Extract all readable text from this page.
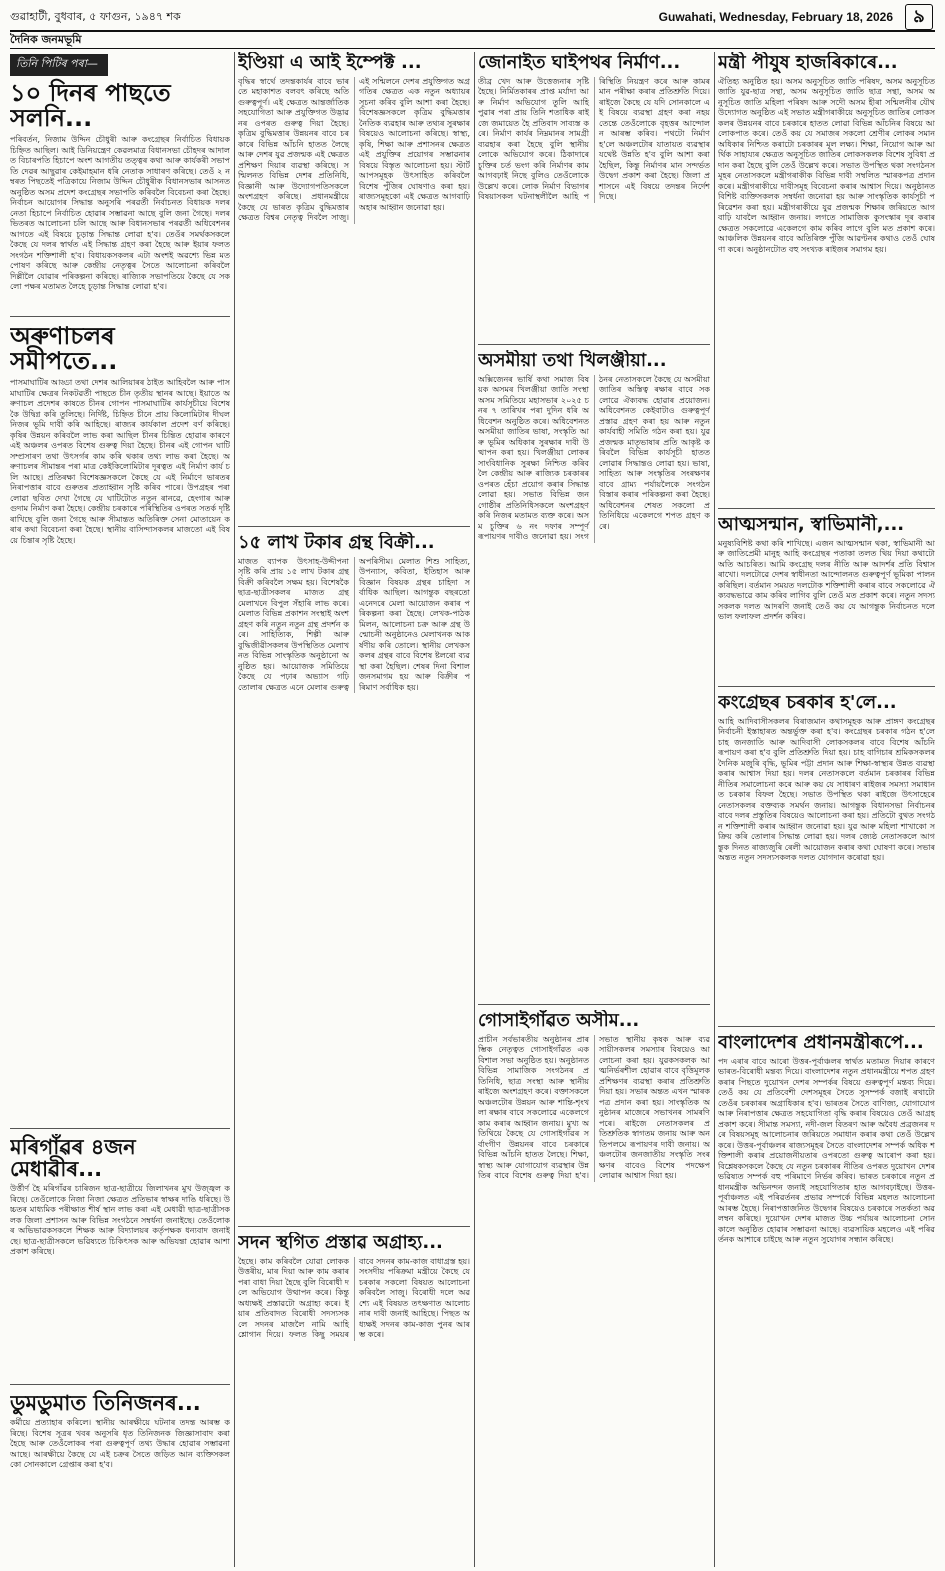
গুৱাহাটী, বুধবাৰ, ৫ ফাগুন, ১৯৪৭ শক	Guwahati, Wednesday, February 18, 2026	৯
দৈনিক জনমভূমি
তিনি পিটিৰ পৰা—
১০ দিনৰ পাছতে সলনি...
পৰিবৰ্তন, নিজাম উদ্দিন চৌধুৰী আৰু কংগ্ৰেছৰ নিৰ্বাচিত বিধায়ক চিহ্নিত আছিল। আই ডিনিয়ন্ত্ৰেণ কেৱলমাত্ৰ বিধানসভা চৌহদৰ আদালত বিচাৰপতি হিচাপে অংশ আগতীয় তত্ত্বৰ কথা আৰু কাৰ্যকৰী সভাপতি দেৱৰ আছুৱাৰ কেইমাহমান ধৰি নেতাক সাধাৰণ কৰিছে। তেওঁ ২ নম্বৰত পিছতেই পত্ৰিকায়ে নিজাম উদ্দিন চৌধুৰীক বিধানসভাৰ আসনত অনুষ্ঠিত অসম প্ৰদেশ কংগ্ৰেছৰ সভাপতি কৰিবলৈ বিবেচনা কৰা হৈছে। নিৰ্বাচন আয়োগৰ সিদ্ধান্ত অনুসৰি পৰৱৰ্তী নিৰ্বাচনত বিধায়ক দলৰ নেতা হিচাপে নিৰ্বাচিত হোৱাৰ সম্ভাৱনা আছে বুলি জনা গৈছে। দলৰ ভিতৰত আলোচনা চলি আছে আৰু বিধানসভাৰ পৰৱৰ্তী অধিবেশনৰ আগতে এই বিষয়ে চূড়ান্ত সিদ্ধান্ত লোৱা হ'ব। তেওঁৰ সমৰ্থকসকলে কৈছে যে দলৰ স্বাৰ্থত এই সিদ্ধান্ত গ্ৰহণ কৰা হৈছে আৰু ইয়াৰ ফলত সংগঠন শক্তিশালী হ'ব। বিধায়কসকলৰ এটা অংশই অৱশ্যে ভিন্ন মত পোষণ কৰিছে আৰু কেন্দ্ৰীয় নেতৃত্বৰ সৈতে আলোচনা কৰিবলৈ দিল্লীলৈ যোৱাৰ পৰিকল্পনা কৰিছে। ৰাজ্যিক সভাপতিয়ে কৈছে যে সকলো পক্ষৰ মতামত লৈহে চূড়ান্ত সিদ্ধান্ত লোৱা হ'ব।
অৰুণাচলৰ সমীপতে...
পাসমাঘাটিৰ আড্ডা তথা দেশৰ আলিয়াৰৰ ঠাইত আহিবলৈ আৰু পাসমাঘাটিৰ ক্ষেত্ৰৰ নিকটৱৰ্তী পাছতে চীন তৃতীয় স্থানৰ আছে। ইয়াতে অৰুণাচল প্ৰদেশৰ কাষতে চীনৰ গোপন পাসমাঘাটিৰ কাৰ্যসূচীয়ে বিশেষকৈ উদ্বিগ্ন কৰি তুলিছে। নিৰ্দিষ্ট, চিহ্নিত চীনে প্ৰায় কিলোমিটাৰ দীঘল নিজৰ ভূমি দাবী কৰি আহিছে। ৰাজ্যৰ কাৰ্যকাল প্ৰদেশ বৰ্ণ কৰিছে। কৃষিৰ উন্নয়ন কৰিবলৈ লাভ কৰা আছিল চীনৰ চিন্তিত হোৱাৰ কাৰণে এই অঞ্চলৰ ওপৰত বিশেষ গুৰুত্ব দিয়া হৈছে। চীনৰ এই গোপন ঘাটি সম্প্ৰসাৰণ তথা উৎসৰ্গৰ কাম কৰি থকাৰ তথ্য লাভ কৰা হৈছে। অৰুণাচলৰ সীমান্তৰ পৰা মাত্ৰ কেইকিলোমিটাৰ দূৰত্বত এই নিৰ্মাণ কাৰ্য চলি আছে। প্ৰতিৰক্ষা বিশেষজ্ঞসকলে কৈছে যে এই নিৰ্মাণে ভাৰতৰ নিৰাপত্তাৰ বাবে গুৰুতৰ প্ৰত্যাহ্বান সৃষ্টি কৰিব পাৰে। উপগ্ৰহৰ পৰা লোৱা ছবিত দেখা গৈছে যে ঘাটিটোত নতুন ৰানৱে, হেংগাৰ আৰু গুদাম নিৰ্মাণ কৰা হৈছে। কেন্দ্ৰীয় চৰকাৰে পৰিস্থিতিৰ ওপৰত সতৰ্ক দৃষ্টি ৰাখিছে বুলি জনা গৈছে আৰু সীমান্তত অতিৰিক্ত সেনা মোতায়েন কৰাৰ কথা বিবেচনা কৰা হৈছে। স্থানীয় বাসিন্দাসকলৰ মাজতো এই বিষয়ে চিন্তাৰ সৃষ্টি হৈছে।
মৰিগাঁৱৰ ৪জন মেধাৱীৰ...
উৰ্ত্তীৰ্ণ হৈ মৰিগাঁৱৰ চাৰিজন ছাত্ৰ-ছাত্ৰীয়ে জিলাখনৰ মুখ উজ্জ্বল কৰিছে। তেওঁলোকে নিজা নিজা ক্ষেত্ৰত প্ৰতিভাৰ স্বাক্ষৰ দাঙি ধৰিছে। উচ্চতৰ মাধ্যমিক পৰীক্ষাত শীৰ্ষ স্থান লাভ কৰা এই মেধাৱী ছাত্ৰ-ছাত্ৰীসকলক জিলা প্ৰশাসন আৰু বিভিন্ন সংগঠনে সম্বৰ্ধনা জনাইছে। তেওঁলোকৰ অভিভাৱকসকলে শিক্ষক আৰু বিদ্যালয়ৰ কৰ্তৃপক্ষক ধন্যবাদ জনাইছে। ছাত্ৰ-ছাত্ৰীসকলে ভৱিষ্যতে চিকিৎসক আৰু অভিযন্তা হোৱাৰ আশা প্ৰকাশ কৰিছে।
ডুমডুমাত তিনিজনৰ...
কৰ্মীয়ে প্ৰত্যাহাৰ কৰিলে। স্থানীয় আৰক্ষীয়ে ঘটনাৰ তদন্ত আৰম্ভ কৰিছে। বিশেষ সূত্ৰৰ খবৰ অনুসৰি ধৃত তিনিজনক জিজ্ঞাসাবাদ কৰা হৈছে আৰু তেওঁলোকৰ পৰা গুৰুত্বপূৰ্ণ তথ্য উদ্ধাৰ হোৱাৰ সম্ভাৱনা আছে। আৰক্ষীয়ে কৈছে যে এই চক্ৰৰ সৈতে জড়িত আন ব্যক্তিসকলকো সোনকালে গ্ৰেপ্তাৰ কৰা হ'ব।
ইণ্ডিয়া এ আই ইম্পেক্ট ...
বৃদ্ধিৰ স্বাৰ্থে তদন্তকাৰ্যৰ বাবে ভাৰতে মহাকাশত বলবৎ কৰিছে অতি গুৰুত্বপূৰ্ণ। এই ক্ষেত্ৰত আন্তৰ্জাতিক সহযোগিতা আৰু প্ৰযুক্তিগত উদ্ভাৱনৰ ওপৰত গুৰুত্ব দিয়া হৈছে। কৃত্ৰিম বুদ্ধিমত্তাৰ উন্নয়নৰ বাবে চৰকাৰে বিভিন্ন আঁচনি হাতত লৈছে আৰু দেশৰ যুৱ প্ৰজন্মক এই ক্ষেত্ৰত প্ৰশিক্ষণ দিয়াৰ ব্যৱস্থা কৰিছে। সন্মিলনত বিভিন্ন দেশৰ প্ৰতিনিধি, বিজ্ঞানী আৰু উদ্যোগপতিসকলে অংশগ্ৰহণ কৰিছে। প্ৰধানমন্ত্ৰীয়ে কৈছে যে ভাৰত কৃত্ৰিম বুদ্ধিমত্তাৰ ক্ষেত্ৰত বিশ্বৰ নেতৃত্ব দিবলৈ সাজু। এই সন্মিলনে দেশৰ প্ৰযুক্তিগত অগ্ৰগতিৰ ক্ষেত্ৰত এক নতুন অধ্যায়ৰ সূচনা কৰিব বুলি আশা কৰা হৈছে। বিশেষজ্ঞসকলে কৃত্ৰিম বুদ্ধিমত্তাৰ নৈতিক ব্যৱহাৰ আৰু তথ্যৰ সুৰক্ষাৰ বিষয়েও আলোচনা কৰিছে। স্বাস্থ্য, কৃষি, শিক্ষা আৰু প্ৰশাসনৰ ক্ষেত্ৰত এই প্ৰযুক্তিৰ প্ৰয়োগৰ সম্ভাৱনাৰ বিষয়ে বিস্তৃত আলোচনা হয়। স্টাৰ্ট আপসমূহক উৎসাহিত কৰিবলৈ বিশেষ পুঁজিৰ ঘোষণাও কৰা হয়। ৰাজ্যসমূহকো এই ক্ষেত্ৰত আগবাঢ়ি অহাৰ আহ্বান জনোৱা হয়।
১৫ লাখ টকাৰ গ্ৰন্থ বিক্ৰী...
মাজত ব্যাপক উৎসাহ-উদ্দীপনা সৃষ্টি কৰি প্ৰায় ১৫ লাখ টকাৰ গ্ৰন্থ বিক্ৰী কৰিবলৈ সক্ষম হয়। বিশেষকৈ ছাত্ৰ-ছাত্ৰীসকলৰ মাজত গ্ৰন্থ মেলাখনে বিপুল সঁহাৰি লাভ কৰে। মেলাত বিভিন্ন প্ৰকাশন সংস্থাই অংশগ্ৰহণ কৰি নতুন নতুন গ্ৰন্থ প্ৰদৰ্শন কৰে। সাহিত্যিক, শিল্পী আৰু বুদ্ধিজীৱীসকলৰ উপস্থিতিত মেলাখনত বিভিন্ন সাংস্কৃতিক অনুষ্ঠানো অনুষ্ঠিত হয়। আয়োজক সমিতিয়ে কৈছে যে পঢ়াৰ অভ্যাস গঢ়ি তোলাৰ ক্ষেত্ৰত এনে মেলাৰ গুৰুত্ব অপৰিসীম। মেলাত শিশু সাহিত্য, উপন্যাস, কবিতা, ইতিহাস আৰু বিজ্ঞান বিষয়ক গ্ৰন্থৰ চাহিদা সৰ্বাধিক আছিল। আগন্তুক বছৰতো এনেদৰে মেলা আয়োজন কৰাৰ পৰিকল্পনা কৰা হৈছে। লেখক-পাঠক মিলন, আলোচনা চক্ৰ আৰু গ্ৰন্থ উন্মোচনী অনুষ্ঠানেও মেলাখনক আকৰ্ষণীয় কৰি তোলে। স্থানীয় লেখকসকলৰ গ্ৰন্থৰ বাবে বিশেষ ষ্টলৰো ব্যৱস্থা কৰা হৈছিল। শেষৰ দিনা বিশাল জনসমাগম হয় আৰু বিক্ৰীৰ পৰিমাণ সৰ্বাধিক হয়।
সদন স্থগিত প্ৰস্তাৱ অগ্ৰাহ্য...
হৈছে। কাম কৰিবলৈ যোৱা লোকক উত্তৰীয়, মাৰ দিয়া আৰু কাম কৰাৰ পৰা বাধা দিয়া হৈছে বুলি বিৰোধী দলে অভিযোগ উত্থাপন কৰে। কিন্তু অধ্যক্ষই প্ৰস্তাৱটো অগ্ৰাহ্য কৰে। ইয়াৰ প্ৰতিবাদত বিৰোধী সদস্যসকলে সদনৰ মাজলৈ নামি আহি শ্লোগান দিয়ে। ফলত কিছু সময়ৰ বাবে সদনৰ কাম-কাজ বাধাগ্ৰস্ত হয়। সংসদীয় পৰিক্ৰমা মন্ত্ৰীয়ে কৈছে যে চৰকাৰ সকলো বিষয়ত আলোচনা কৰিবলৈ সাজু। বিৰোধী দলে অৱশ্যে এই বিষয়ত তৎক্ষণাত আলোচনাৰ দাবী জনাই আহিছে। পিছত অধ্যক্ষই সদনৰ কাম-কাজ পুনৰ আৰম্ভ কৰে।
জোনাইত ঘাইপথৰ নিৰ্মাণ...
তীব্ৰ খেদ আৰু উত্তেজনাৰ সৃষ্টি হৈছে। নিৰ্মিতকাৰৰ প্ৰাপ্ত মৰ্যাদা আৰু নিৰ্মাণ অভিযোগ তুলি আহি পুৱাৰ পৰা প্ৰায় তিনি শতাধিক ৰাইজে জমায়েত হৈ প্ৰতিবাদ সাব্যস্ত কৰে। নিৰ্মাণ কাৰ্যৰ নিম্নমানৰ সামগ্ৰী ব্যৱহাৰ কৰা হৈছে বুলি স্থানীয় লোকে অভিযোগ কৰে। ঠিকাদাৰে চুক্তিৰ চৰ্ত ভংগ কৰি নিৰ্মাণৰ কাম আগবঢ়াই নিছে বুলিও তেওঁলোকে উল্লেখ কৰে। লোক নিৰ্মাণ বিভাগৰ বিষয়াসকল ঘটনাস্থলীলৈ আহি পৰিস্থিতি নিয়ন্ত্ৰণ কৰে আৰু কামৰ মান পৰীক্ষা কৰাৰ প্ৰতিশ্ৰুতি দিয়ে। ৰাইজে কৈছে যে যদি সোনকালে এই বিষয়ে ব্যৱস্থা গ্ৰহণ কৰা নহয় তেন্তে তেওঁলোকে বৃহত্তৰ আন্দোলন আৰম্ভ কৰিব। পথটো নিৰ্মাণ হ'লে অঞ্চলটোৰ যাতায়ত ব্যৱস্থাৰ যথেষ্ট উন্নতি হ'ব বুলি আশা কৰা হৈছিল, কিন্তু নিৰ্মাণৰ মান সন্দৰ্ভত উদ্বেগ প্ৰকাশ কৰা হৈছে। জিলা প্ৰশাসনে এই বিষয়ে তদন্তৰ নিৰ্দেশ দিছে।
অসমীয়া তথা খিলঞ্জীয়া...
অক্সিজেনৰ ভাৰ্ষি কথা সমাজ বিষয়ক অসমৰ খিলঞ্জীয়া জাতি সংস্থা অসম সমিতিয়ে মহাসভাৰ ২০২৫ চনৰ ৭ তাৰিখৰ পৰা দুদিন ধৰি অধিবেশন অনুষ্ঠিত কৰে। অধিবেশনত অসমীয়া জাতিৰ ভাষা, সংস্কৃতি আৰু ভূমিৰ অধিকাৰ সুৰক্ষাৰ দাবী উত্থাপন কৰা হয়। খিলঞ্জীয়া লোকৰ সাংবিধানিক সুৰক্ষা নিশ্চিত কৰিবলৈ কেন্দ্ৰীয় আৰু ৰাজ্যিক চৰকাৰৰ ওপৰত হেঁচা প্ৰয়োগ কৰাৰ সিদ্ধান্ত লোৱা হয়। সভাত বিভিন্ন জনগোষ্ঠীৰ প্ৰতিনিধিসকলে অংশগ্ৰহণ কৰি নিজৰ মতামত ব্যক্ত কৰে। অসম চুক্তিৰ ৬ নং দফাৰ সম্পূৰ্ণ ৰূপায়ণৰ দাবীও জনোৱা হয়। সংগঠনৰ নেতাসকলে কৈছে যে অসমীয়া জাতিৰ অস্তিত্ব ৰক্ষাৰ বাবে সকলোৱে ঐক্যবদ্ধ হোৱাৰ প্ৰয়োজন। অধিবেশনত কেইবাটাও গুৰুত্বপূৰ্ণ প্ৰস্তাৱ গ্ৰহণ কৰা হয় আৰু নতুন কাৰ্যবাহী সমিতি গঠন কৰা হয়। যুৱ প্ৰজন্মক মাতৃভাষাৰ প্ৰতি আকৃষ্ট কৰিবলৈ বিভিন্ন কাৰ্যসূচী হাতত লোৱাৰ সিদ্ধান্তও লোৱা হয়। ভাষা, সাহিত্য আৰু সংস্কৃতিৰ সংৰক্ষণৰ বাবে গ্ৰাম্য পৰ্যায়লৈকে সংগঠন বিস্তাৰ কৰাৰ পৰিকল্পনা কৰা হৈছে। অধিবেশনৰ শেষত সকলো প্ৰতিনিধিয়ে একেলগে শপত গ্ৰহণ কৰে।
গোসাইগাঁৱত অসীম...
প্ৰাচীন সৰ্বভাৰতীয় অনুষ্ঠানৰ প্ৰাৰম্ভিক নেতৃত্বত গোসাইগাঁৱত এক বিশাল সভা অনুষ্ঠিত হয়। অনুষ্ঠানত বিভিন্ন সামাজিক সংগঠনৰ প্ৰতিনিধি, ছাত্ৰ সংস্থা আৰু স্থানীয় ৰাইজে অংশগ্ৰহণ কৰে। বক্তাসকলে অঞ্চলটোৰ উন্নয়ন আৰু শান্তি-শৃংখলা ৰক্ষাৰ বাবে সকলোৱে একেলগে কাম কৰাৰ আহ্বান জনায়। মুখ্য অতিথিয়ে কৈছে যে গোসাইগাঁৱৰ সৰ্বাংগীণ উন্নয়নৰ বাবে চৰকাৰে বিভিন্ন আঁচনি হাতত লৈছে। শিক্ষা, স্বাস্থ্য আৰু যোগাযোগ ব্যৱস্থাৰ উন্নতিৰ বাবে বিশেষ গুৰুত্ব দিয়া হ'ব। সভাত স্থানীয় কৃষক আৰু ব্যৱসায়ীসকলৰ সমস্যাৰ বিষয়েও আলোচনা কৰা হয়। যুৱকসকলক আত্মনিৰ্ভৰশীল হোৱাৰ বাবে বৃত্তিমূলক প্ৰশিক্ষণৰ ব্যৱস্থা কৰাৰ প্ৰতিশ্ৰুতি দিয়া হয়। সভাৰ অন্তত এখন স্মাৰকপত্ৰ প্ৰদান কৰা হয়। সাংস্কৃতিক অনুষ্ঠানৰ মাজেৰে সভাখনৰ সামৰণি পৰে। ৰাইজে নেতাসকলৰ প্ৰতিশ্ৰুতিক স্বাগতম জনায় আৰু অনতিপলমে ৰূপায়ণৰ দাবী জনায়। অঞ্চলটোৰ জনজাতীয় সংস্কৃতি সংৰক্ষণৰ বাবেও বিশেষ পদক্ষেপ লোৱাৰ আশ্বাস দিয়া হয়।
মন্ত্ৰী পীযুষ হাজৰিকাৰে...
ঐতিহ্য অনুষ্ঠিত হয়। অসম অনুসূচিত জাতি পৰিষদ, অসম অনুসূচিত জাতি যুৱ-ছাত্ৰ সন্থা, অসম অনুসূচিত জাতি ছাত্ৰ সন্থা, অসম অনুসূচিত জাতি মহিলা পৰিষদ আৰু সদৌ অসম হীৰা সন্মিলনীৰ যৌথ উদ্যোগত অনুষ্ঠিত এই সভাত মন্ত্ৰীগৰাকীয়ে অনুসূচিত জাতিৰ লোকসকলৰ উন্নয়নৰ বাবে চৰকাৰে হাতত লোৱা বিভিন্ন আঁচনিৰ বিষয়ে আলোকপাত কৰে। তেওঁ কয় যে সমাজৰ সকলো শ্ৰেণীৰ লোকৰ সমান অধিকাৰ নিশ্চিত কৰাটো চৰকাৰৰ মূল লক্ষ্য। শিক্ষা, নিয়োগ আৰু আৰ্থিক সাহায্যৰ ক্ষেত্ৰত অনুসূচিত জাতিৰ লোকসকলক বিশেষ সুবিধা প্ৰদান কৰা হৈছে বুলি তেওঁ উল্লেখ কৰে। সভাত উপস্থিত থকা সংগঠনসমূহৰ নেতাসকলে মন্ত্ৰীগৰাকীক বিভিন্ন দাবী সম্বলিত স্মাৰকপত্ৰ প্ৰদান কৰে। মন্ত্ৰীগৰাকীয়ে দাবীসমূহ বিবেচনা কৰাৰ আশ্বাস দিয়ে। অনুষ্ঠানত বিশিষ্ট ব্যক্তিসকলক সম্বৰ্ধনা জনোৱা হয় আৰু সাংস্কৃতিক কাৰ্যসূচী পৰিৱেশন কৰা হয়। মন্ত্ৰীগৰাকীয়ে যুৱ প্ৰজন্মক শিক্ষাৰ জৰিয়তে আগবাঢ়ি যাবলৈ আহ্বান জনায়। লগতে সামাজিক কুসংস্কাৰ দূৰ কৰাৰ ক্ষেত্ৰত সকলোৱে একেলগে কাম কৰিব লাগে বুলি মত প্ৰকাশ কৰে। আঞ্চলিক উন্নয়নৰ বাবে অতিৰিক্ত পুঁজি আৱণ্টনৰ কথাও তেওঁ ঘোষণা কৰে। অনুষ্ঠানটোত বহু সংখ্যক ৰাইজৰ সমাগম হয়।
আত্মসন্মান, স্বাভিমানী,...
মনুষ্যবিশিষ্ট কথা কৰি শাখিছে। এজন আত্মসন্মান থকা, স্বাভিমানী আৰু জাতিপ্ৰেমী মানুহ আহি কংগ্ৰেছৰ পতাকা তলত থিয় দিয়া কথাটো অতি আচৰিত। আমি কংগ্ৰেছ দলৰ নীতি আৰু আদৰ্শৰ প্ৰতি বিশ্বাস ৰাখো। দলটোৱে দেশৰ স্বাধীনতা আন্দোলনত গুৰুত্বপূৰ্ণ ভূমিকা পালন কৰিছিল। বৰ্তমান সময়ত দলটোক শক্তিশালী কৰাৰ বাবে সকলোৱে ঐক্যবদ্ধভাৱে কাম কৰিব লাগিব বুলি তেওঁ মত প্ৰকাশ কৰে। নতুন সদস্যসকলক দলত আদৰণি জনাই তেওঁ কয় যে আগন্তুক নিৰ্বাচনত দলে ভাল ফলাফল প্ৰদৰ্শন কৰিব।
কংগ্ৰেছৰ চৰকাৰ হ'লে...
আহি আদিবাসীসকলৰ বিৰাজমান কথাসমূহক আৰু প্ৰাঙ্গণ কংগ্ৰেছৰ নিৰ্বাচনী ইস্তাহাৰত অন্তৰ্ভুক্ত কৰা হ'ব। কংগ্ৰেছৰ চৰকাৰ গঠন হ'লে চাহ জনজাতি আৰু আদিবাসী লোকসকলৰ বাবে বিশেষ আঁচনি ৰূপায়ণ কৰা হ'ব বুলি প্ৰতিশ্ৰুতি দিয়া হয়। চাহ বাগিচাৰ শ্ৰমিকসকলৰ দৈনিক মজুৰি বৃদ্ধি, ভূমিৰ পট্টা প্ৰদান আৰু শিক্ষা-স্বাস্থ্যৰ উন্নত ব্যৱস্থা কৰাৰ আশ্বাস দিয়া হয়। দলৰ নেতাসকলে বৰ্তমান চৰকাৰৰ বিভিন্ন নীতিৰ সমালোচনা কৰে আৰু কয় যে সাধাৰণ ৰাইজৰ সমস্যা সমাধানত চৰকাৰ বিফল হৈছে। সভাত উপস্থিত থকা ৰাইজে উৎসাহেৰে নেতাসকলৰ বক্তব্যক সমৰ্থন জনায়। আগন্তুক বিধানসভা নিৰ্বাচনৰ বাবে দলৰ প্ৰস্তুতিৰ বিষয়েও আলোচনা কৰা হয়। প্ৰতিটো বুথত সংগঠন শক্তিশালী কৰাৰ আহ্বান জনোৱা হয়। যুৱ আৰু মহিলা শাখাকো সক্ৰিয় কৰি তোলাৰ সিদ্ধান্ত লোৱা হয়। দলৰ জ্যেষ্ঠ নেতাসকলে আগন্তুক দিনত ৰাজ্যজুৰি ৰেলী আয়োজন কৰাৰ কথা ঘোষণা কৰে। সভাৰ অন্তত নতুন সদস্যসকলক দলত যোগদান কৰোৱা হয়।
বাংলাদেশৰ প্ৰধানমন্ত্ৰীৰূপে...
পদ এৰাৰ বাবে আৰো উত্তৰ-পূৰ্বাঞ্চলৰ স্বাৰ্থত মতামত দিয়াৰ কাৰণে ভাৰত-বিৰোধী মন্তব্য দিয়ে। বাংলাদেশৰ নতুন প্ৰধানমন্ত্ৰীয়ে শপত গ্ৰহণ কৰাৰ পিছতে দুয়োখন দেশৰ সম্পৰ্কৰ বিষয়ে গুৰুত্বপূৰ্ণ মন্তব্য দিয়ে। তেওঁ কয় যে প্ৰতিবেশী দেশসমূহৰ সৈতে সুসম্পৰ্ক বজাই ৰখাটো তেওঁৰ চৰকাৰৰ অগ্ৰাধিকাৰ হ'ব। ভাৰতৰ সৈতে বাণিজ্য, যোগাযোগ আৰু নিৰাপত্তাৰ ক্ষেত্ৰত সহযোগিতা বৃদ্ধি কৰাৰ বিষয়েও তেওঁ আগ্ৰহ প্ৰকাশ কৰে। সীমান্ত সমস্যা, নদী-জল বিতৰণ আৰু অবৈধ প্ৰব্ৰজনৰ দৰে বিষয়সমূহ আলোচনাৰ জৰিয়তে সমাধান কৰাৰ কথা তেওঁ উল্লেখ কৰে। উত্তৰ-পূৰ্বাঞ্চলৰ ৰাজ্যসমূহৰ সৈতে বাংলাদেশৰ সম্পৰ্ক অধিক শক্তিশালী কৰাৰ প্ৰয়োজনীয়তাৰ ওপৰতো গুৰুত্ব আৰোপ কৰা হয়। বিশ্লেষকসকলে কৈছে যে নতুন চৰকাৰৰ নীতিৰ ওপৰত দুয়োখন দেশৰ ভৱিষ্যত সম্পৰ্ক বহু পৰিমাণে নিৰ্ভৰ কৰিব। ভাৰত চৰকাৰে নতুন প্ৰধানমন্ত্ৰীক অভিনন্দন জনাই সহযোগিতাৰ হাত আগবঢ়াইছে। উত্তৰ-পূৰ্বাঞ্চলত এই পৰিৱৰ্তনৰ প্ৰভাৱ সম্পৰ্কে বিভিন্ন মহলত আলোচনা আৰম্ভ হৈছে। নিৰাপত্তাজনিত উদ্বেগৰ বিষয়েও চৰকাৰে সতৰ্কতা অৱলম্বন কৰিছে। দুয়োখন দেশৰ মাজত উচ্চ পৰ্যায়ৰ আলোচনা সোনকালে অনুষ্ঠিত হোৱাৰ সম্ভাৱনা আছে। ব্যৱসায়িক মহলেও এই পৰিৱৰ্তনক আশাৰে চাইছে আৰু নতুন সুযোগৰ সন্ধান কৰিছে।
